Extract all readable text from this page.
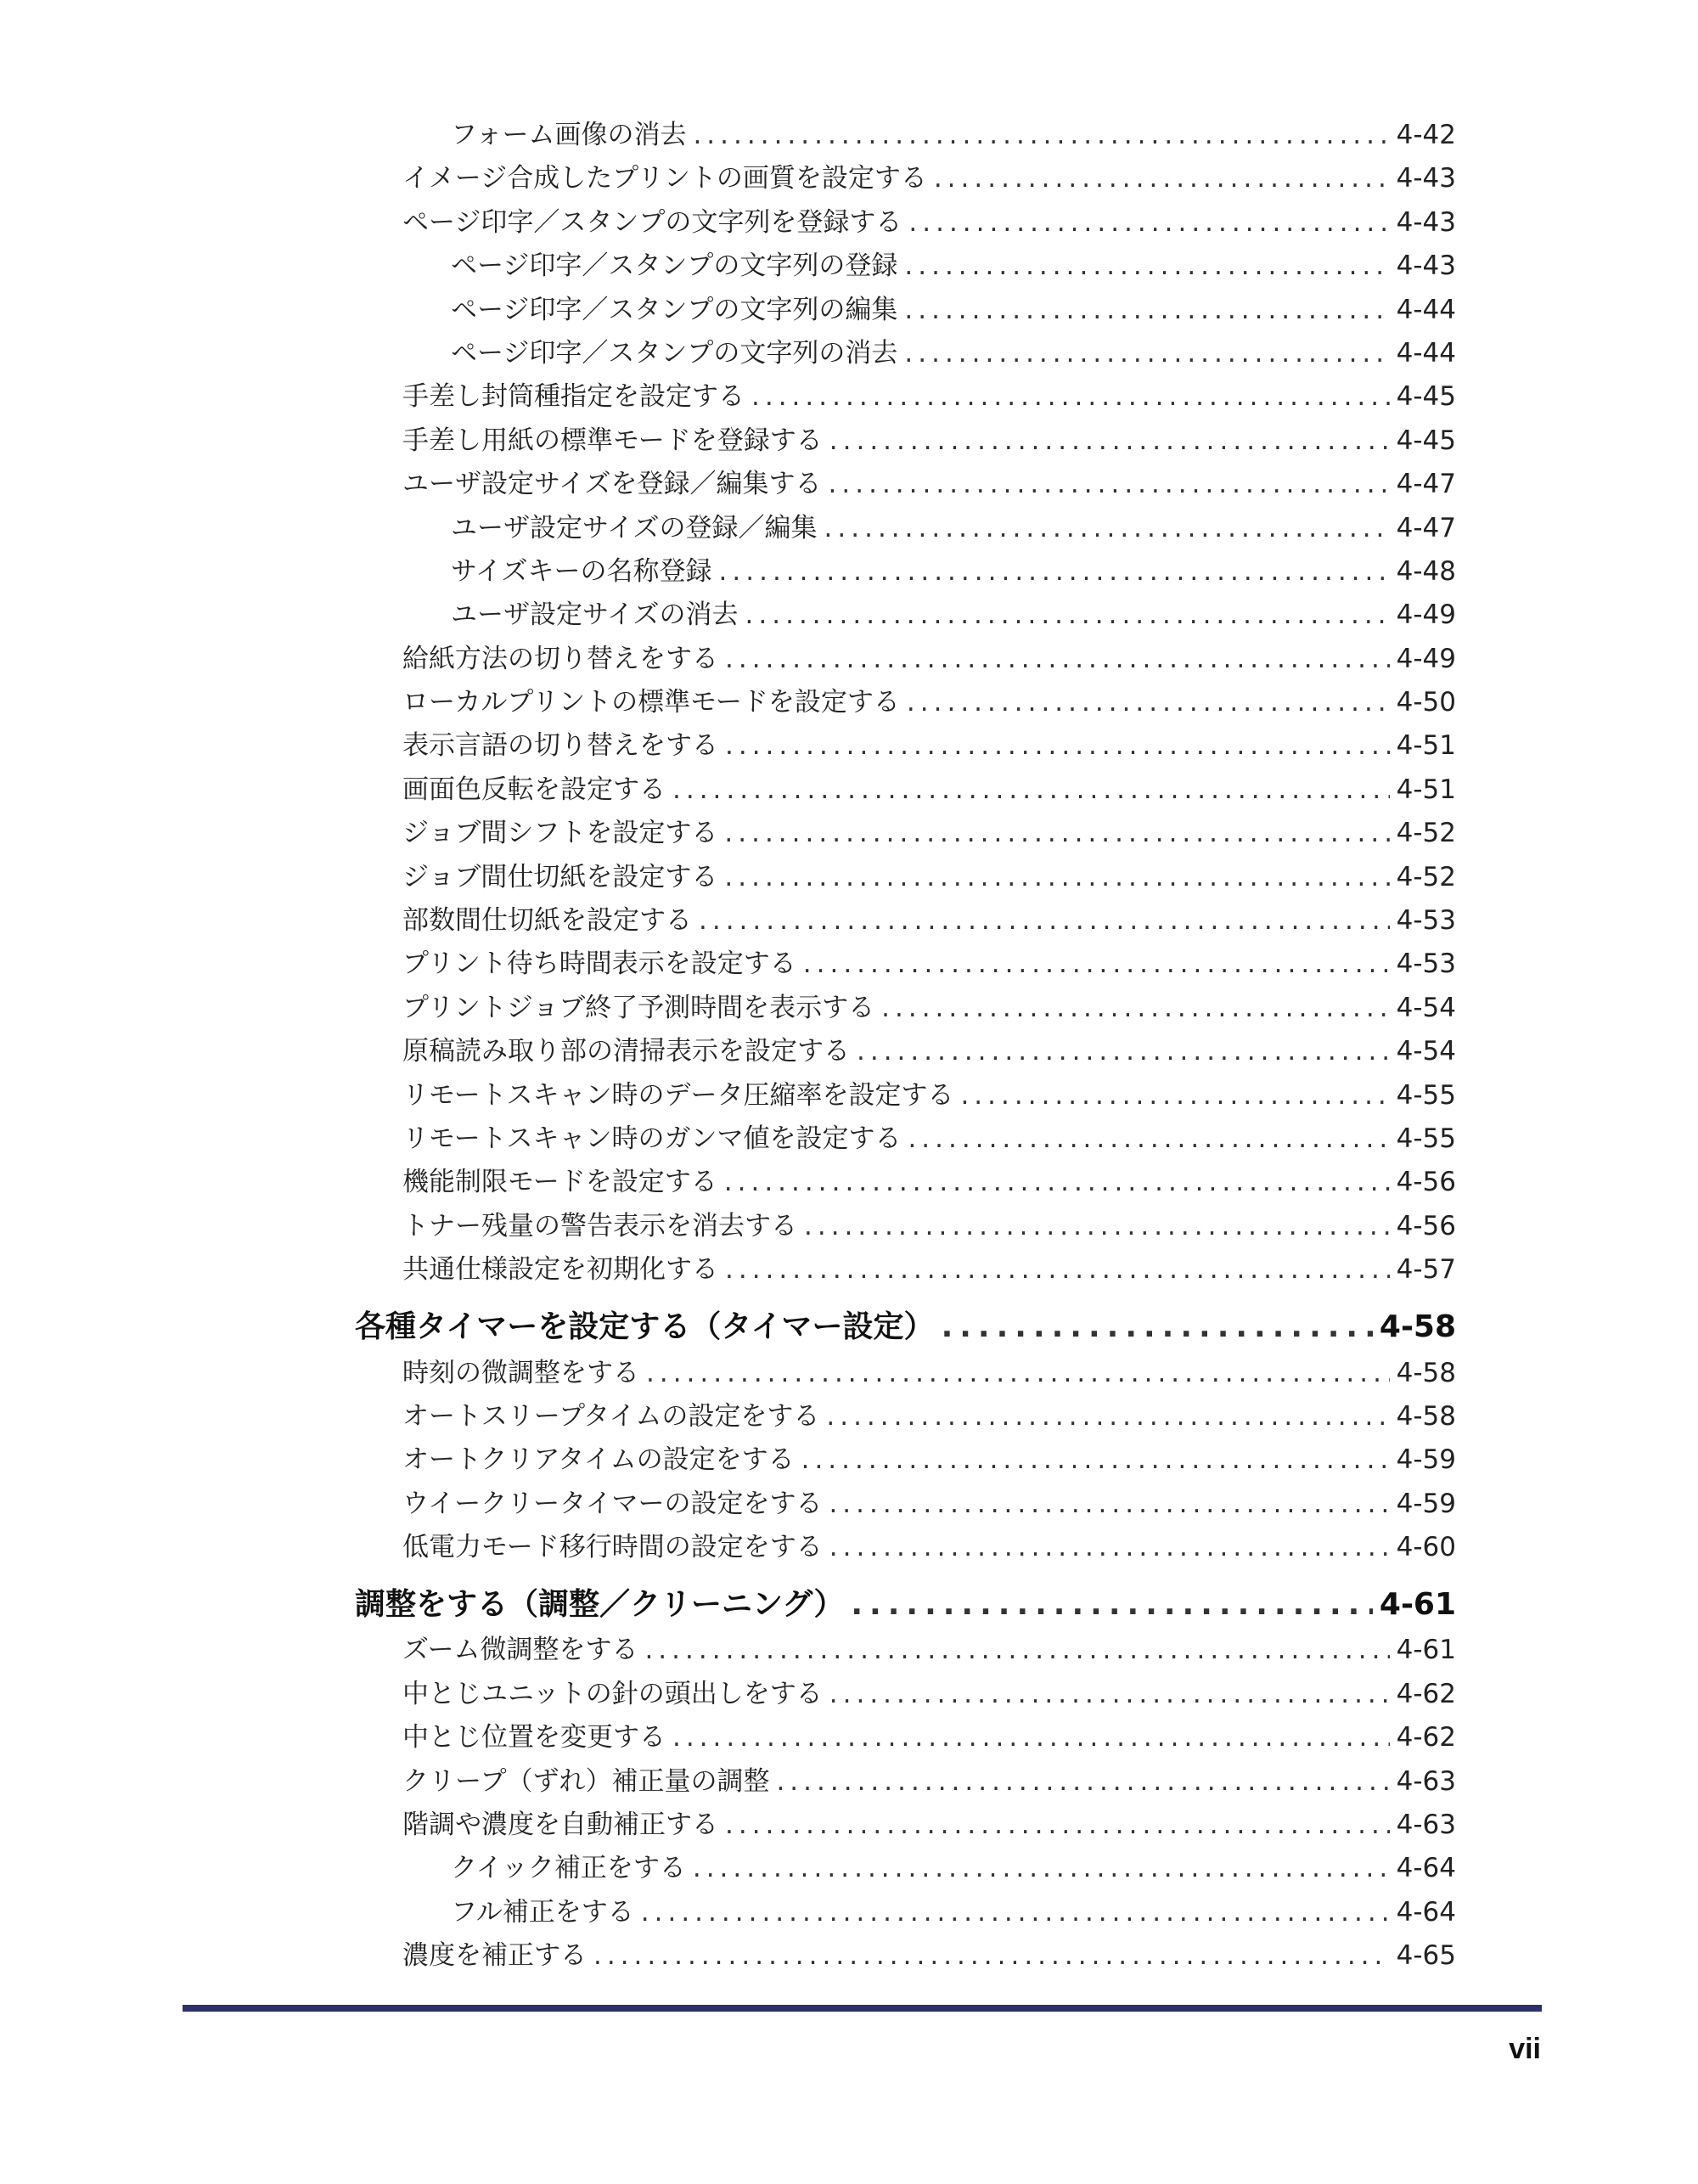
フォーム画像の消去 .....	4-42
イメージ合成したプリントの画質を設定する .....	4-43
ページ印字／スタンプの文字列を登録する .....	4-43
ページ印字／スタンプの文字列の登録 .....	4-43
ページ印字／スタンプの文字列の編集 .....	4-44
ページ印字／スタンプの文字列の消去 .....	4-44
手差し封筒種指定を設定する .....	4-45
手差し用紙の標準モードを登録する .....	4-45
ユーザ設定サイズを登録／編集する .....	4-47
ユーザ設定サイズの登録／編集 .....	4-47
サイズキーの名称登録 .....	4-48
ユーザ設定サイズの消去 .....	4-49
給紙方法の切り替えをする .....	4-49
ローカルプリントの標準モードを設定する .....	4-50
表示言語の切り替えをする .....	4-51
画面色反転を設定する .....	4-51
ジョブ間シフトを設定する .....	4-52
ジョブ間仕切紙を設定する .....	4-52
部数間仕切紙を設定する .....	4-53
プリント待ち時間表示を設定する .....	4-53
プリントジョブ終了予測時間を表示する .....	4-54
原稿読み取り部の清掃表示を設定する .....	4-54
リモートスキャン時のデータ圧縮率を設定する .....	4-55
リモートスキャン時のガンマ値を設定する .....	4-55
機能制限モードを設定する .....	4-56
トナー残量の警告表示を消去する .....	4-56
共通仕様設定を初期化する .....	4-57
各種タイマーを設定する（タイマー設定） .....	4-58
時刻の微調整をする .....	4-58
オートスリープタイムの設定をする .....	4-58
オートクリアタイムの設定をする .....	4-59
ウイークリータイマーの設定をする .....	4-59
低電力モード移行時間の設定をする .....	4-60
調整をする（調整／クリーニング） .....	4-61
ズーム微調整をする .....	4-61
中とじユニットの針の頭出しをする .....	4-62
中とじ位置を変更する .....	4-62
クリープ（ずれ）補正量の調整 .....	4-63
階調や濃度を自動補正する .....	4-63
クイック補正をする .....	4-64
フル補正をする .....	4-64
濃度を補正する .....	4-65
vii
